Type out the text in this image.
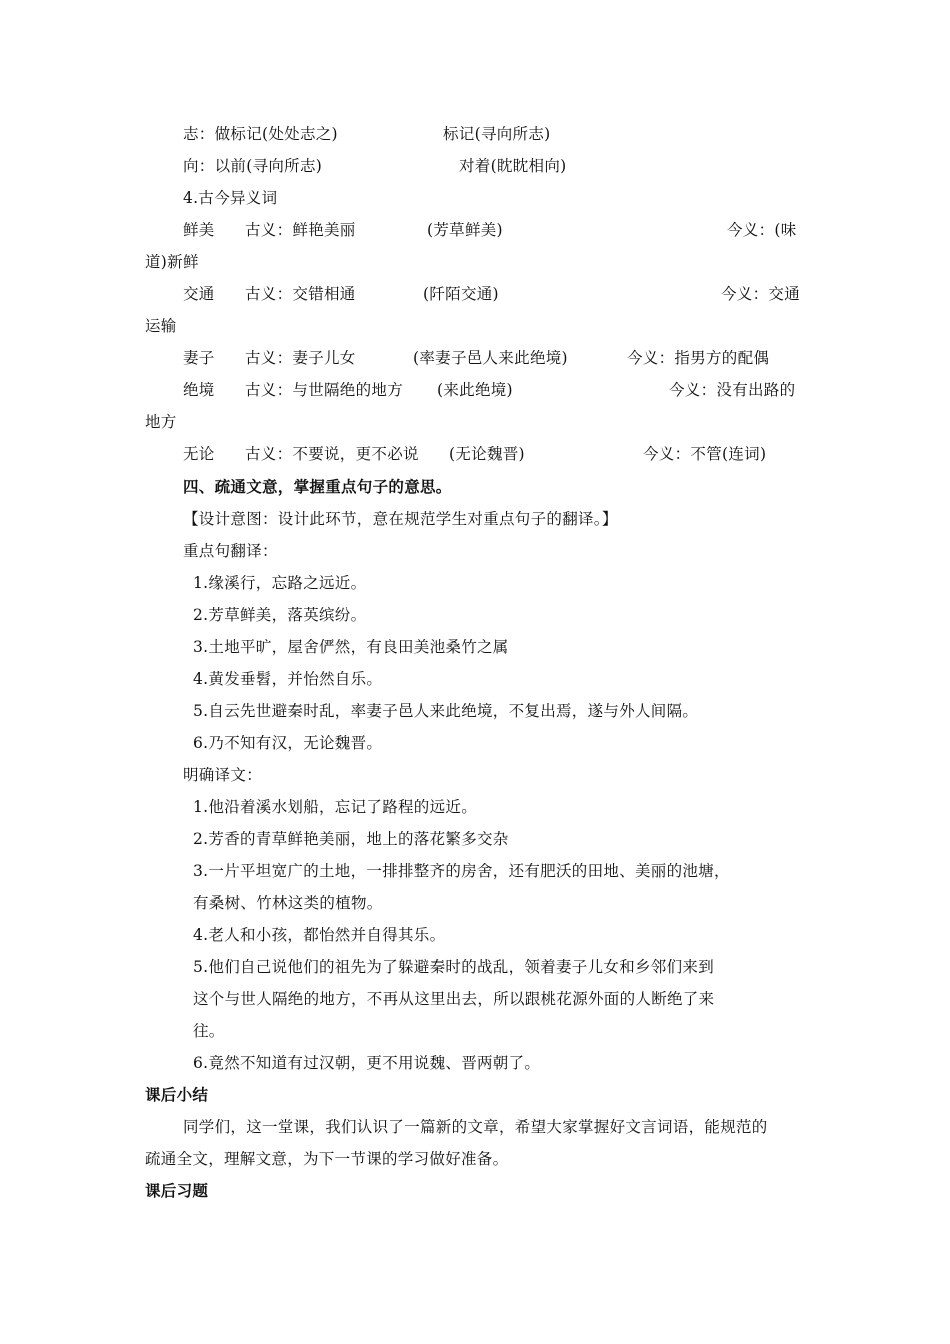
志：做标记(处处志之)	标记(寻向所志)
向：以前(寻向所志)	对着(眈眈相向)
4.古今异义词
鲜美 古义：鲜艳美丽	(芳草鲜美)	今义：(味
道)新鲜
交通 古义：交错相通	(阡陌交通)	今义：交通
运输
妻子 古义：妻子儿女	(率妻子邑人来此绝境)	今义：指男方的配偶
绝境 古义：与世隔绝的地方 (来此绝境)	今义：没有出路的
地方
无论 古义：不要说，更不必说 (无论魏晋)	今义：不管(连词)
四、疏通文意，掌握重点句子的意思。
【设计意图：设计此环节，意在规范学生对重点句子的翻译。】
重点句翻译：
1.缘溪行，忘路之远近。
2.芳草鲜美，落英缤纷。
3.土地平旷，屋舍俨然，有良田美池桑竹之属
4.黄发垂髫，并怡然自乐。
5.自云先世避秦时乱，率妻子邑人来此绝境，不复出焉，遂与外人间隔。
6.乃不知有汉，无论魏晋。
明确译文：
1.他沿着溪水划船，忘记了路程的远近。
2.芳香的青草鲜艳美丽，地上的落花繁多交杂
3.一片平坦宽广的土地，一排排整齐的房舍，还有肥沃的田地、美丽的池塘，
有桑树、竹林这类的植物。
4.老人和小孩，都怡然并自得其乐。
5.他们自己说他们的祖先为了躲避秦时的战乱，领着妻子儿女和乡邻们来到
这个与世人隔绝的地方，不再从这里出去，所以跟桃花源外面的人断绝了来
往。
6.竟然不知道有过汉朝，更不用说魏、晋两朝了。
课后小结
同学们，这一堂课，我们认识了一篇新的文章，希望大家掌握好文言词语，能规范的
疏通全文，理解文意，为下一节课的学习做好准备。
课后习题
